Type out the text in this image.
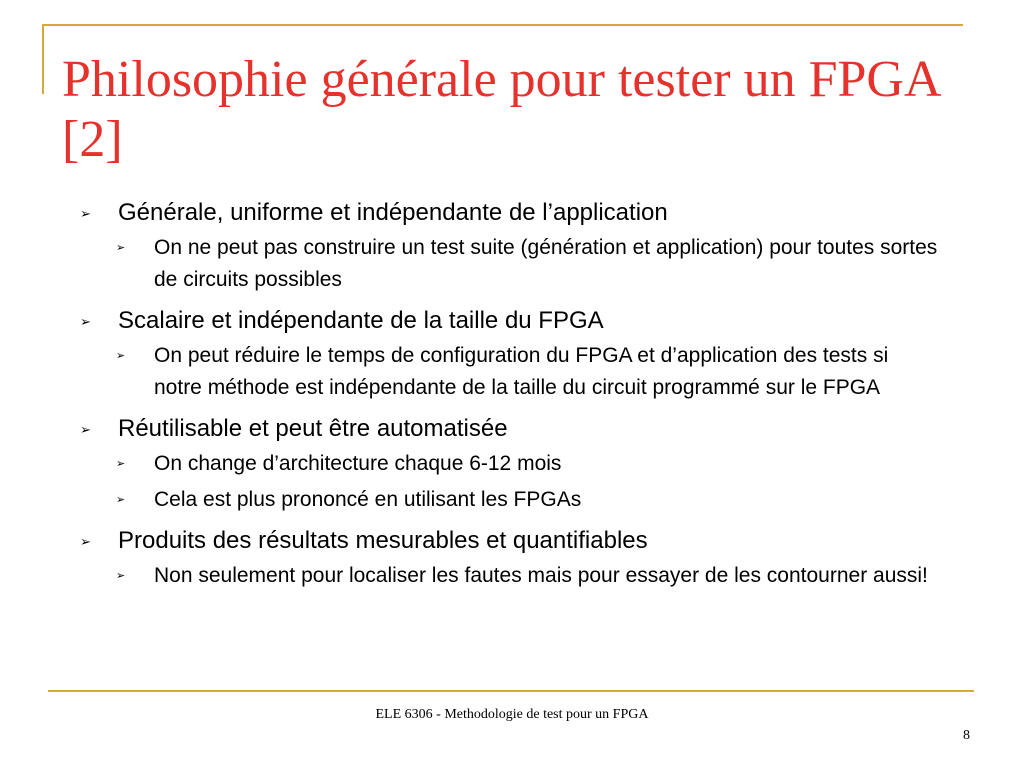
Philosophie générale pour tester un FPGA [2]
➢ Générale, uniforme et indépendante de l’application
➢ On ne peut pas construire un test suite (génération et application) pour toutes sortes de circuits possibles
➢ Scalaire et indépendante de la taille du FPGA
➢ On peut réduire le temps de configuration du FPGA et d’application des tests si notre méthode est indépendante de la taille du circuit programmé sur le FPGA
➢ Réutilisable et peut être automatisée
➢ On change d’architecture chaque 6-12 mois
➢ Cela est plus prononcé en utilisant les FPGAs
➢ Produits des résultats mesurables et quantifiables
➢ Non seulement pour localiser les fautes mais pour essayer de les contourner aussi!
ELE 6306 - Methodologie de test pour un FPGA
8
